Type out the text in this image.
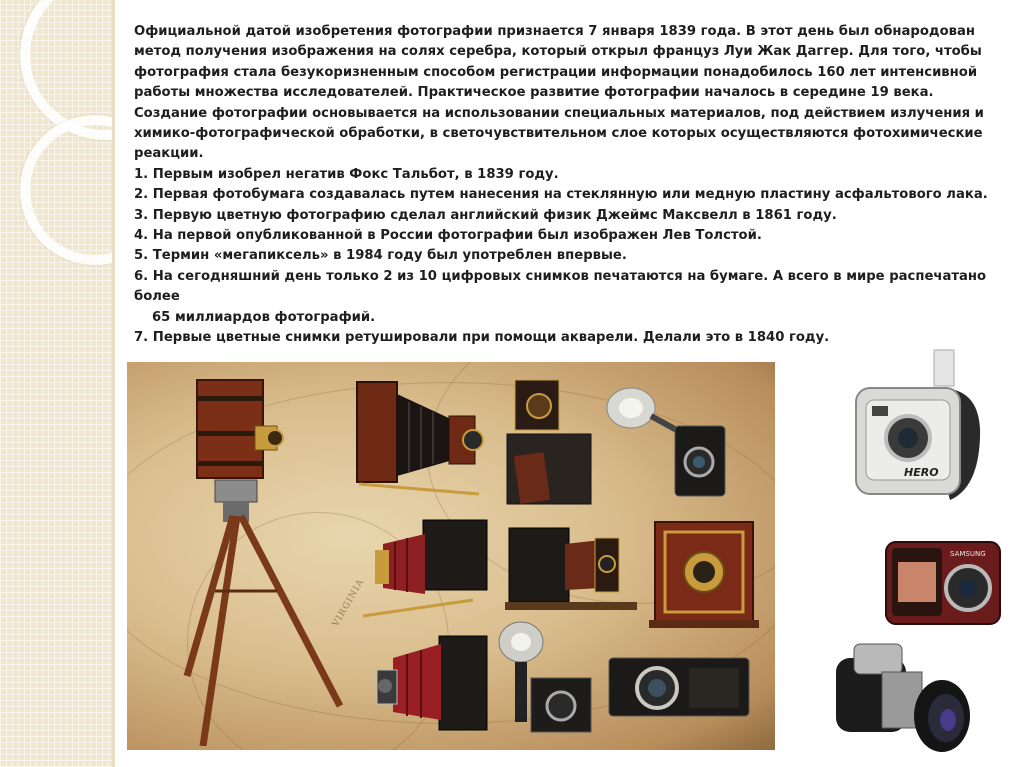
Официальной датой изобретения фотографии признается 7 января 1839 года. В этот день был обнародован метод получения изображения на солях серебра, который открыл француз Луи Жак Даггер. Для того, чтобы фотография стала безукоризненным способом регистрации информации понадобилось 160 лет интенсивной работы множества исследователей. Практическое развитие фотографии началось в середине 19 века. Создание фотографии основывается на использовании специальных материалов, под действием излучения и химико-фотографической обработки, в светочувствительном слое которых осуществляются фотохимические реакции.

1. Первым изобрел негатив Фокс Тальбот, в 1839 году.

2. Первая фотобумага создавалась путем нанесения на стеклянную или медную пластину асфальтового лака.

3. Первую цветную фотографию сделал английский физик Джеймс Максвелл в 1861 году.

4. На первой опубликованной в России фотографии был изображен Лев Толстой.

5. Термин «мегапиксель» в 1984 году был употреблен впервые.

6. На сегодняшний день только 2 из 10 цифровых снимков печатаются на бумаге. А всего в мире распечатано более

65 миллиардов фотографий.

7. Первые цветные снимки ретушировали при помощи акварели. Делали это в 1840 году.

VIRGINIA
HERO
SAMSUNG
